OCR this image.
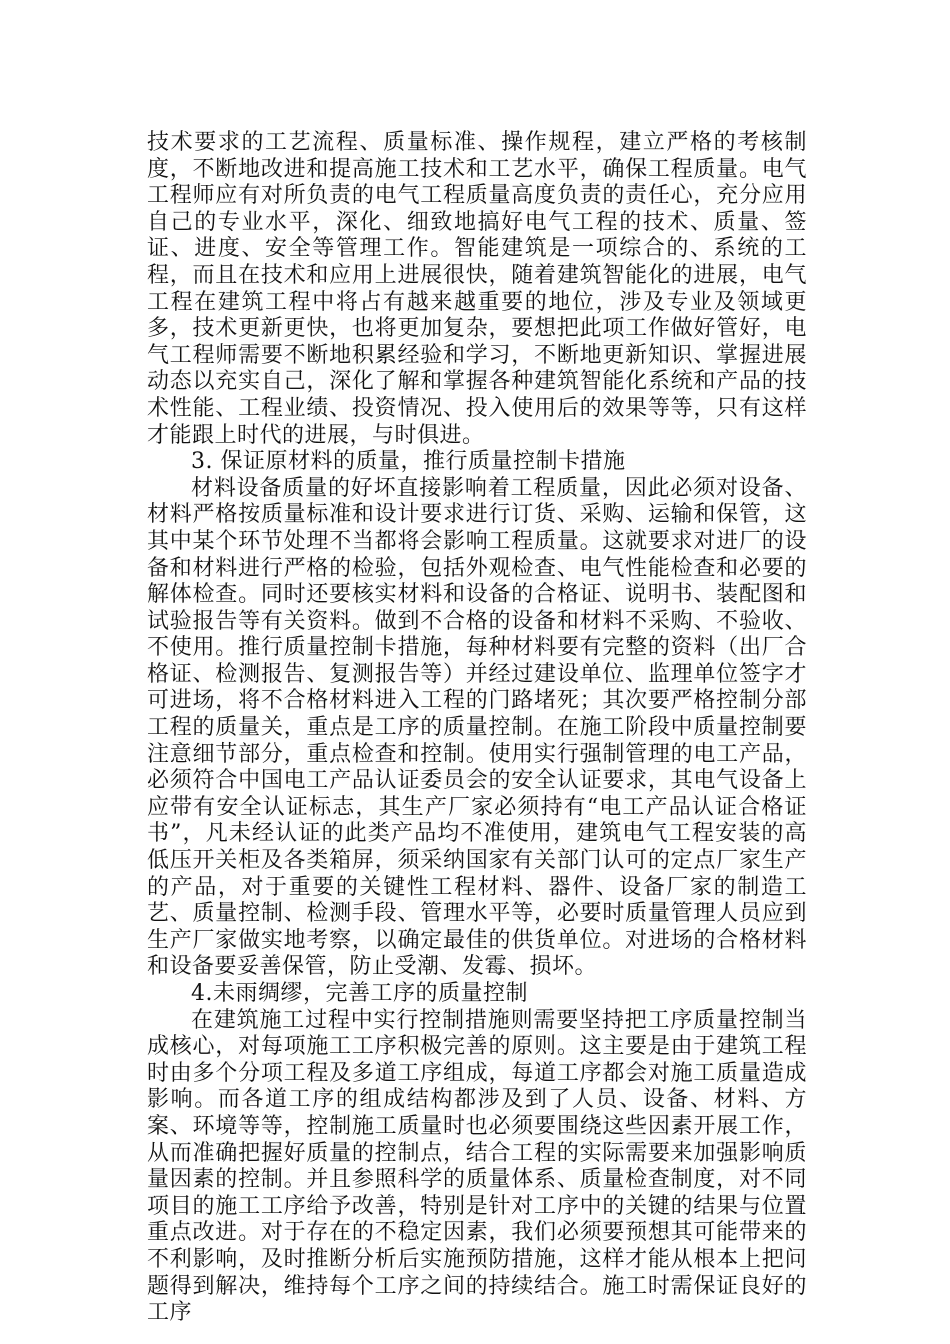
技术要求的工艺流程、质量标准、操作规程，建立严格的考核制度，不断地改进和提高施工技术和工艺水平，确保工程质量。电气工程师应有对所负责的电气工程质量高度负责的责任心，充分应用自己的专业水平，深化、细致地搞好电气工程的技术、质量、签证、进度、安全等管理工作。智能建筑是一项综合的、系统的工程，而且在技术和应用上进展很快，随着建筑智能化的进展，电气工程在建筑工程中将占有越来越重要的地位，涉及专业及领域更多，技术更新更快，也将更加复杂，要想把此项工作做好管好，电气工程师需要不断地积累经验和学习，不断地更新知识、掌握进展动态以充实自己，深化了解和掌握各种建筑智能化系统和产品的技术性能、工程业绩、投资情况、投入使用后的效果等等，只有这样才能跟上时代的进展，与时俱进。

3. 保证原材料的质量，推行质量控制卡措施

材料设备质量的好坏直接影响着工程质量，因此必须对设备、材料严格按质量标准和设计要求进行订货、采购、运输和保管，这其中某个环节处理不当都将会影响工程质量。这就要求对进厂的设备和材料进行严格的检验，包括外观检查、电气性能检查和必要的解体检查。同时还要核实材料和设备的合格证、说明书、装配图和试验报告等有关资料。做到不合格的设备和材料不采购、不验收、不使用。推行质量控制卡措施，每种材料要有完整的资料（出厂合格证、检测报告、复测报告等）并经过建设单位、监理单位签字才可进场，将不合格材料进入工程的门路堵死；其次要严格控制分部工程的质量关，重点是工序的质量控制。在施工阶段中质量控制要注意细节部分，重点检查和控制。使用实行强制管理的电工产品，必须符合中国电工产品认证委员会的安全认证要求，其电气设备上应带有安全认证标志，其生产厂家必须持有“电工产品认证合格证书”，凡未经认证的此类产品均不准使用，建筑电气工程安装的高低压开关柜及各类箱屏，须采纳国家有关部门认可的定点厂家生产的产品，对于重要的关键性工程材料、器件、设备厂家的制造工艺、质量控制、检测手段、管理水平等，必要时质量管理人员应到生产厂家做实地考察，以确定最佳的供货单位。对进场的合格材料和设备要妥善保管，防止受潮、发霉、损坏。

4.未雨绸缪，完善工序的质量控制

在建筑施工过程中实行控制措施则需要坚持把工序质量控制当成核心，对每项施工工序积极完善的原则。这主要是由于建筑工程时由多个分项工程及多道工序组成，每道工序都会对施工质量造成影响。而各道工序的组成结构都涉及到了人员、设备、材料、方案、环境等等，控制施工质量时也必须要围绕这些因素开展工作，从而准确把握好质量的控制点，结合工程的实际需要来加强影响质量因素的控制。并且参照科学的质量体系、质量检查制度，对不同项目的施工工序给予改善，特别是针对工序中的关键的结果与位置重点改进。对于存在的不稳定因素，我们必须要预想其可能带来的不利影响，及时推断分析后实施预防措施，这样才能从根本上把问题得到解决，维持每个工序之间的持续结合。施工时需保证良好的工序
